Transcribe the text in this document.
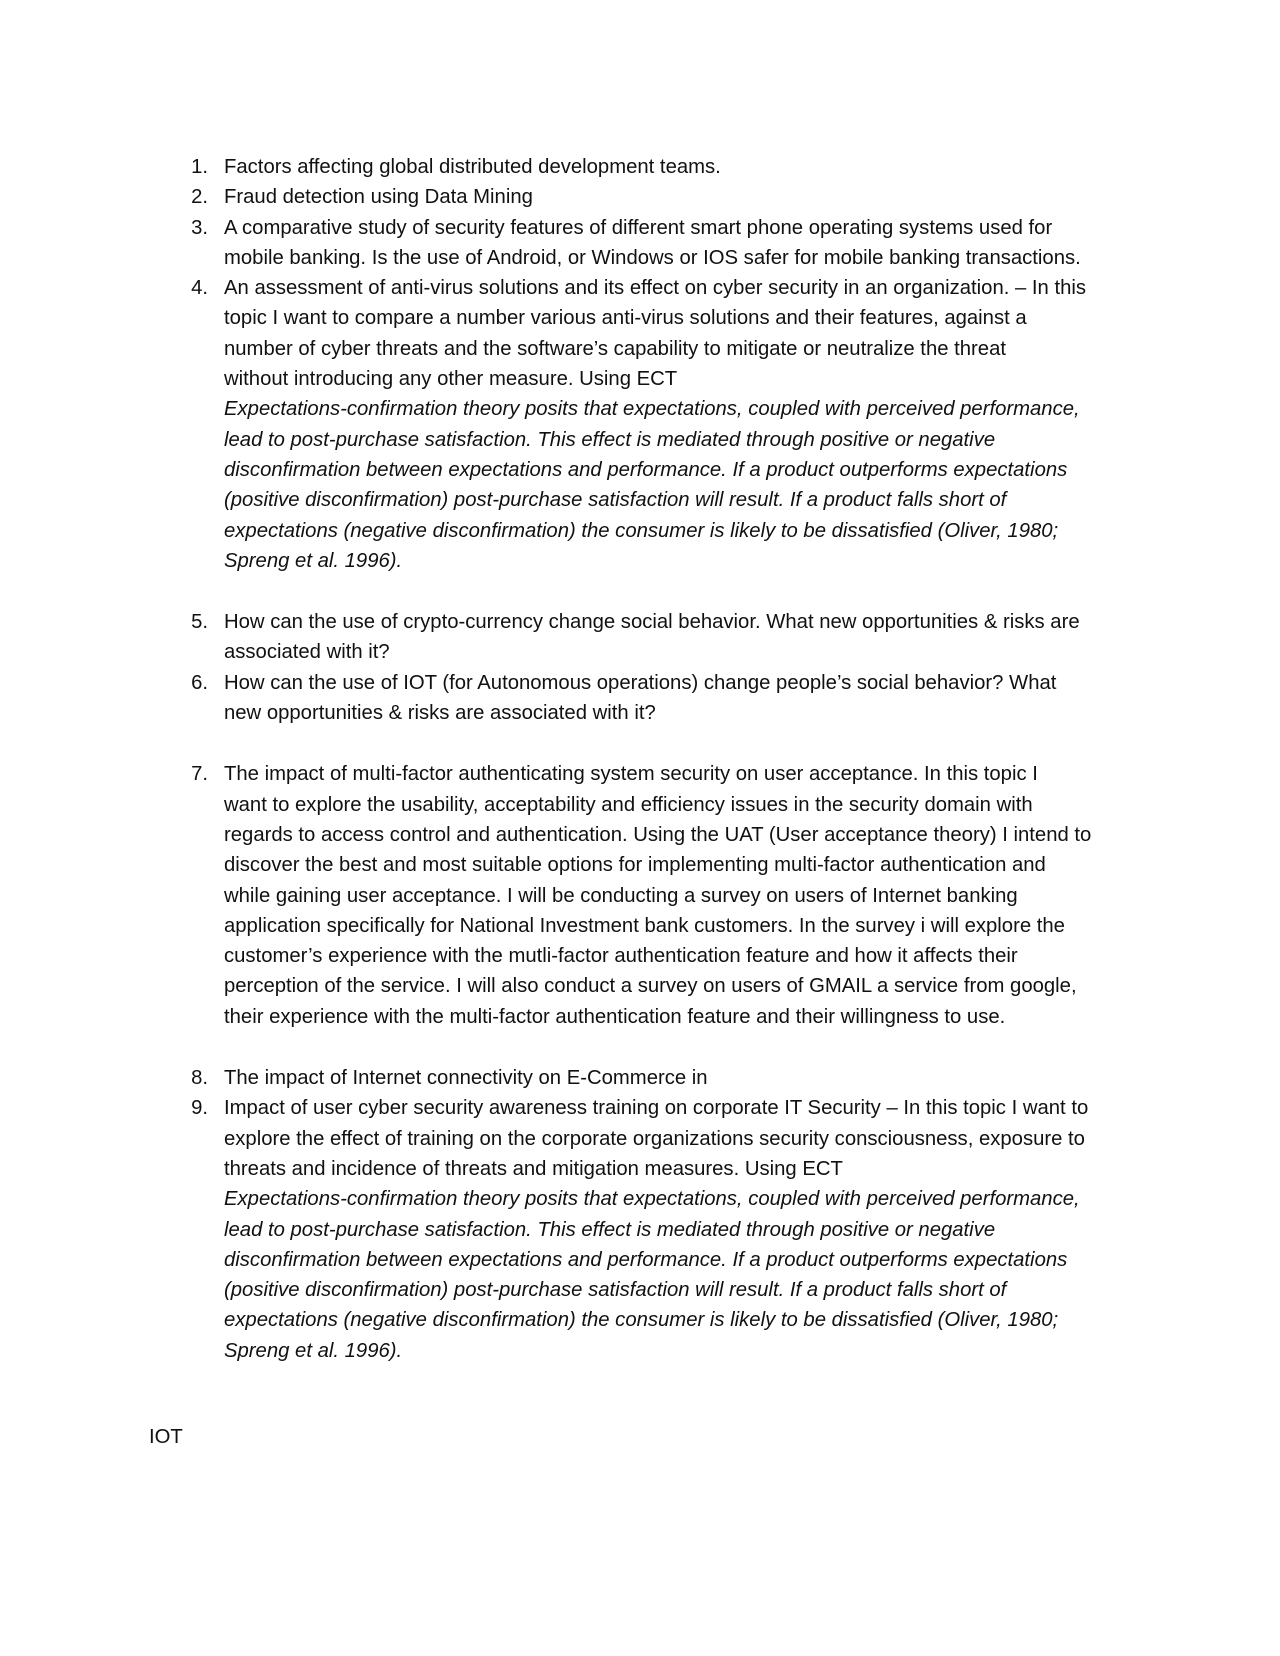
1. Factors affecting global distributed development teams.
2. Fraud detection using Data Mining
3. A comparative study of security features of different smart phone operating systems used for
mobile banking. Is the use of Android, or Windows or IOS safer for mobile banking transactions.
4. An assessment of anti-virus solutions and its effect on cyber security in an organization. – In this
topic I want to compare a number various anti-virus solutions and their features, against a
number of cyber threats and the software’s capability to mitigate or neutralize the threat
without introducing any other measure. Using ECT
Expectations-confirmation theory posits that expectations, coupled with perceived performance,
lead to post-purchase satisfaction. This effect is mediated through positive or negative
disconfirmation between expectations and performance. If a product outperforms expectations
(positive disconfirmation) post-purchase satisfaction will result. If a product falls short of
expectations (negative disconfirmation) the consumer is likely to be dissatisfied (Oliver, 1980;
Spreng et al. 1996).
5. How can the use of crypto-currency change social behavior. What new opportunities & risks are
associated with it?
6. How can the use of IOT (for Autonomous operations) change people’s social behavior? What
new opportunities & risks are associated with it?
7. The impact of multi-factor authenticating system security on user acceptance. In this topic I
want to explore the usability, acceptability and efficiency issues in the security domain with
regards to access control and authentication. Using the UAT (User acceptance theory) I intend to
discover the best and most suitable options for implementing multi-factor authentication and
while gaining user acceptance. I will be conducting a survey on users of Internet banking
application specifically for National Investment bank customers. In the survey i will explore the
customer’s experience with the mutli-factor authentication feature and how it affects their
perception of the service. I will also conduct a survey on users of GMAIL a service from google,
their experience with the multi-factor authentication feature and their willingness to use.
8. The impact of Internet connectivity on E-Commerce in
9. Impact of user cyber security awareness training on corporate IT Security – In this topic I want to
explore the effect of training on the corporate organizations security consciousness, exposure to
threats and incidence of threats and mitigation measures. Using ECT
Expectations-confirmation theory posits that expectations, coupled with perceived performance,
lead to post-purchase satisfaction. This effect is mediated through positive or negative
disconfirmation between expectations and performance. If a product outperforms expectations
(positive disconfirmation) post-purchase satisfaction will result. If a product falls short of
expectations (negative disconfirmation) the consumer is likely to be dissatisfied (Oliver, 1980;
Spreng et al. 1996).
IOT
